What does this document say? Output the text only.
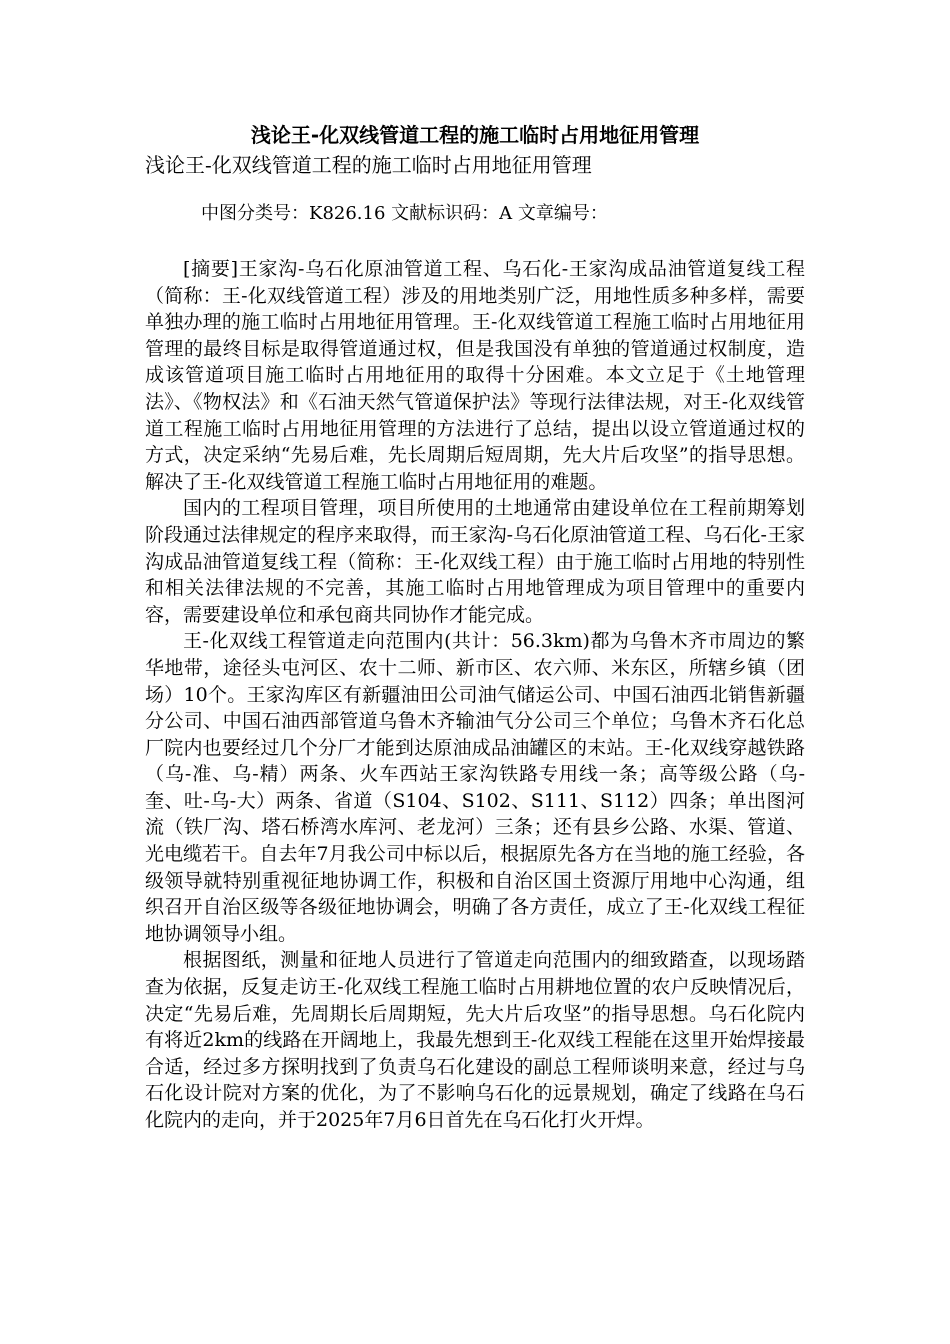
浅论王-化双线管道工程的施工临时占用地征用管理

浅论王-化双线管道工程的施工临时占用地征用管理

中图分类号：K826.16 文献标识码：A 文章编号：

[摘要]王家沟-乌石化原油管道工程、乌石化-王家沟成品油管道复线工程（简称：王-化双线管道工程）涉及的用地类别广泛，用地性质多种多样，需要单独办理的施工临时占用地征用管理。王-化双线管道工程施工临时占用地征用管理的最终目标是取得管道通过权，但是我国没有单独的管道通过权制度，造成该管道项目施工临时占用地征用的取得十分困难。本文立足于《土地管理法》、《物权法》和《石油天然气管道保护法》等现行法律法规，对王-化双线管道工程施工临时占用地征用管理的方法进行了总结，提出以设立管道通过权的方式，决定采纳“先易后难，先长周期后短周期，先大片后攻坚”的指导思想。解决了王-化双线管道工程施工临时占用地征用的难题。

国内的工程项目管理，项目所使用的土地通常由建设单位在工程前期筹划阶段通过法律规定的程序来取得，而王家沟-乌石化原油管道工程、乌石化-王家沟成品油管道复线工程（简称：王-化双线工程）由于施工临时占用地的特别性和相关法律法规的不完善，其施工临时占用地管理成为项目管理中的重要内容，需要建设单位和承包商共同协作才能完成。

王-化双线工程管道走向范围内(共计：56.3km)都为乌鲁木齐市周边的繁华地带，途径头屯河区、农十二师、新市区、农六师、米东区，所辖乡镇（团场）10个。王家沟库区有新疆油田公司油气储运公司、中国石油西北销售新疆分公司、中国石油西部管道乌鲁木齐输油气分公司三个单位；乌鲁木齐石化总厂院内也要经过几个分厂才能到达原油成品油罐区的末站。王-化双线穿越铁路（乌-准、乌-精）两条、火车西站王家沟铁路专用线一条；高等级公路（乌-奎、吐-乌-大）两条、省道（S104、S102、S111、S112）四条；单出图河流（铁厂沟、塔石桥湾水库河、老龙河）三条；还有县乡公路、水渠、管道、光电缆若干。自去年7月我公司中标以后，根据原先各方在当地的施工经验，各级领导就特别重视征地协调工作，积极和自治区国土资源厅用地中心沟通，组织召开自治区级等各级征地协调会，明确了各方责任，成立了王-化双线工程征地协调领导小组。

根据图纸，测量和征地人员进行了管道走向范围内的细致踏查，以现场踏查为依据，反复走访王-化双线工程施工临时占用耕地位置的农户反映情况后，决定“先易后难，先周期长后周期短，先大片后攻坚”的指导思想。乌石化院内有将近2km的线路在开阔地上，我最先想到王-化双线工程能在这里开始焊接最合适，经过多方探明找到了负责乌石化建设的副总工程师谈明来意，经过与乌石化设计院对方案的优化，为了不影响乌石化的远景规划，确定了线路在乌石化院内的走向，并于2025年7月6日首先在乌石化打火开焊。
